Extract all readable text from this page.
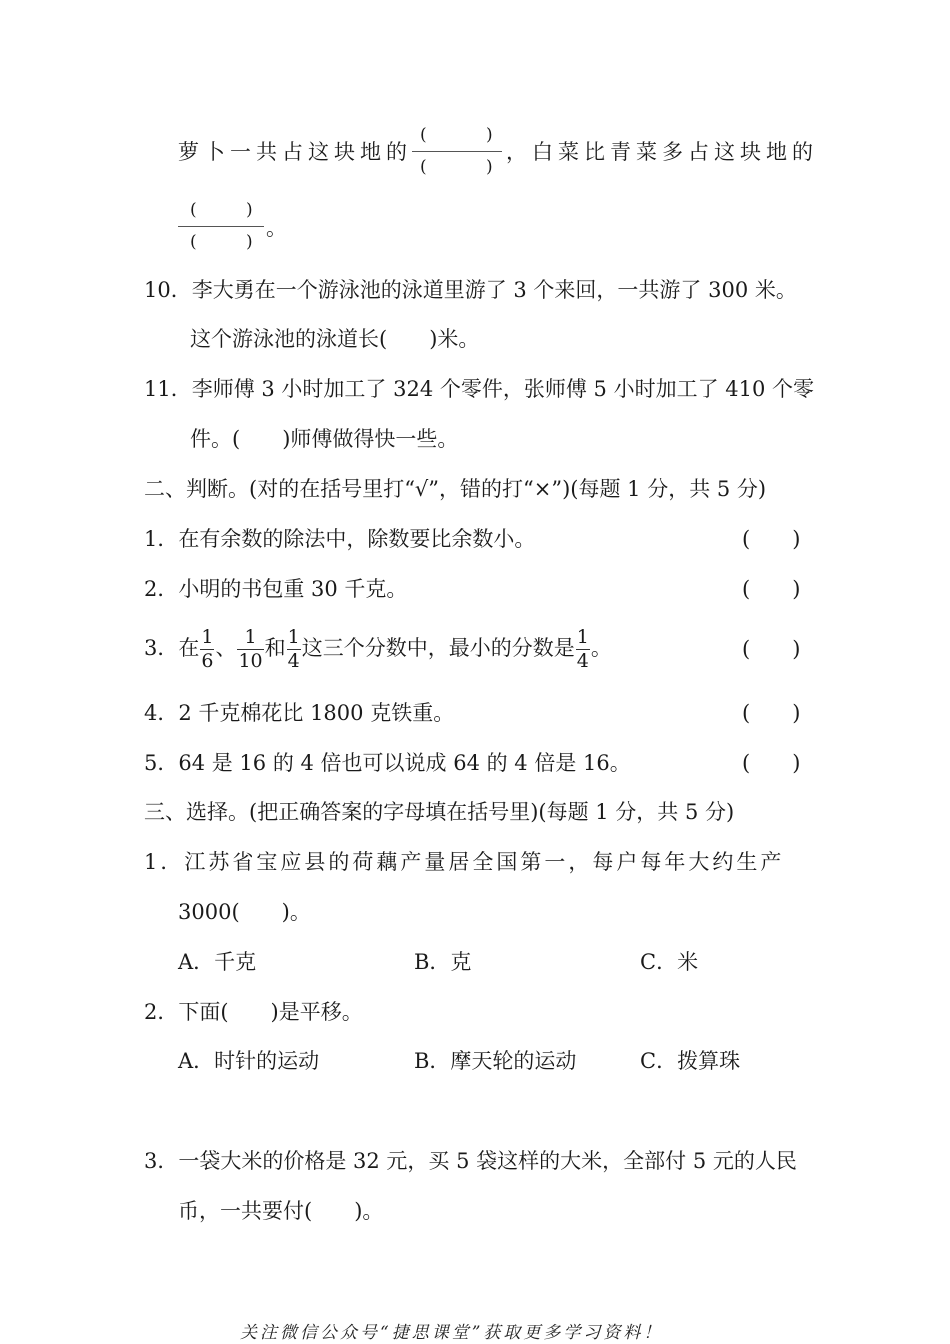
萝卜一共占这块地的
(	)
(	)
，白菜比青菜多占这块地的
(	)
(	)
。
10．李大勇在一个游泳池的泳道里游了 3 个来回，一共游了 300 米。
这个游泳池的泳道长(　　)米。
11．李师傅 3 小时加工了 324 个零件，张师傅 5 小时加工了 410 个零
件。(　　)师傅做得快一些。
二、判断。(对的在括号里打“√”，错的打“×”)(每题 1 分，共 5 分)
1．在有余数的除法中，除数要比余数小。	(　　)
2．小明的书包重 30 千克。	(　　)
3．在 $\frac{1}{6}$ 、 $\frac{1}{10}$ 和 $\frac{1}{4}$ 这三个分数中，最小的分数是 $\frac{1}{4}$ 。	(　　)
4．2 千克棉花比 1800 克铁重。	(　　)
5．64 是 16 的 4 倍也可以说成 64 的 4 倍是 16。	(　　)
三、选择。(把正确答案的字母填在括号里)(每题 1 分，共 5 分)
1．江苏省宝应县的荷藕产量居全国第一，每户每年大约生产
3000(　　)。
A．千克	B．克	C．米
2．下面(　　)是平移。
A．时针的运动	B．摩天轮的运动	C．拨算珠
3．一袋大米的价格是 32 元，买 5 袋这样的大米，全部付 5 元的人民
币，一共要付(　　)。
关注微信公众号“捷思课堂”获取更多学习资料！
